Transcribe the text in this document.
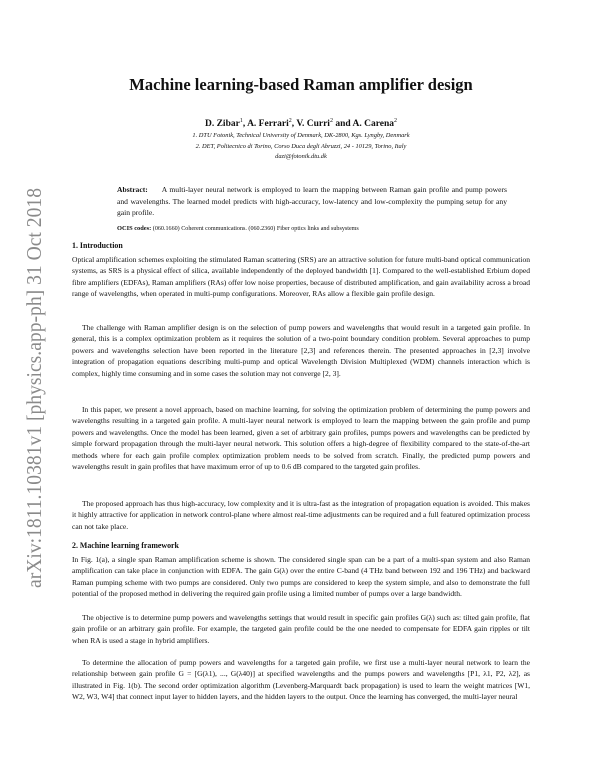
arXiv:1811.10381v1 [physics.app-ph] 31 Oct 2018
Machine learning-based Raman amplifier design
D. Zibar$^1$, A. Ferrari$^2$, V. Curri$^2$ and A. Carena$^2$
1. DTU Fotonik, Technical University of Denmark, DK-2800, Kgs. Lyngby, Denmark
2. DET, Politecnico di Torino, Corso Duca degli Abruzzi, 24 - 10129, Torino, Italy
dazi@fotonik.dtu.dk
Abstract: A multi-layer neural network is employed to learn the mapping between Raman gain profile and pump powers and wavelengths. The learned model predicts with high-accuracy, low-latency and low-complexity the pumping setup for any gain profile.
OCIS codes: (060.1660) Coherent communications. (060.2360) Fiber optics links and subsystems
1. Introduction

Optical amplification schemes exploiting the stimulated Raman scattering (SRS) are an attractive solution for future multi-band optical communication systems, as SRS is a physical effect of silica, available independently of the deployed bandwidth [1]. Compared to the well-established Erbium doped fibre amplifiers (EDFAs), Raman amplifiers (RAs) offer low noise properties, because of distributed amplification, and gain availability across a broad range of wavelengths, when operated in multi-pump configurations. Moreover, RAs allow a flexible gain profile design.

The challenge with Raman amplifier design is on the selection of pump powers and wavelengths that would result in a targeted gain profile. In general, this is a complex optimization problem as it requires the solution of a two-point boundary condition problem. Several approaches to pump powers and wavelengths selection have been reported in the literature [2,3] and references therein. The presented approaches in [2,3] involve integration of propagation equations describing multi-pump and optical Wavelength Division Multiplexed (WDM) channels interaction which is complex, highly time consuming and in some cases the solution may not converge [2, 3].

In this paper, we present a novel approach, based on machine learning, for solving the optimization problem of determining the pump powers and wavelengths resulting in a targeted gain profile. A multi-layer neural network is employed to learn the mapping between the gain profile and pump powers and wavelengths. Once the model has been learned, given a set of arbitrary gain profiles, pumps powers and wavelengths can be predicted by simple forward propagation through the multi-layer neural network. This solution offers a high-degree of flexibility compared to the state-of-the-art methods where for each gain profile complex optimization problem needs to be solved from scratch. Finally, the predicted pump powers and wavelengths result in gain profiles that have maximum error of up to 0.6 dB compared to the targeted gain profiles.

The proposed approach has thus high-accuracy, low complexity and it is ultra-fast as the integration of propagation equation is avoided. This makes it highly attractive for application in network control-plane where almost real-time adjustments can be required and a full featured optimization process can not take place.

2. Machine learning framework

In Fig. 1(a), a single span Raman amplification scheme is shown. The considered single span can be a part of a multi-span system and also Raman amplification can take place in conjunction with EDFA. The gain G(λ) over the entire C-band (4 THz band between 192 and 196 THz) and backward Raman pumping scheme with two pumps are considered. Only two pumps are considered to keep the system simple, and also to demonstrate the full potential of the proposed method in delivering the required gain profile using a limited number of pumps over a large bandwidth.

The objective is to determine pump powers and wavelengths settings that would result in specific gain profiles G(λ) such as: tilted gain profile, flat gain profile or an arbitrary gain profile. For example, the targeted gain profile could be the one needed to compensate for EDFA gain ripples or tilt when RA is used a stage in hybrid amplifiers.

To determine the allocation of pump powers and wavelengths for a targeted gain profile, we first use a multi-layer neural network to learn the relationship between gain profile G = [G(λ1), ..., G(λ40)] at specified wavelengths and the pumps powers and wavelengths [P1, λ1, P2, λ2], as illustrated in Fig. 1(b). The second order optimization algorithm (Levenberg-Marquardt back propagation) is used to learn the weight matrices [W1, W2, W3, W4] that connect input layer to hidden layers, and the hidden layers to the output. Once the learning has converged, the multi-layer neural
